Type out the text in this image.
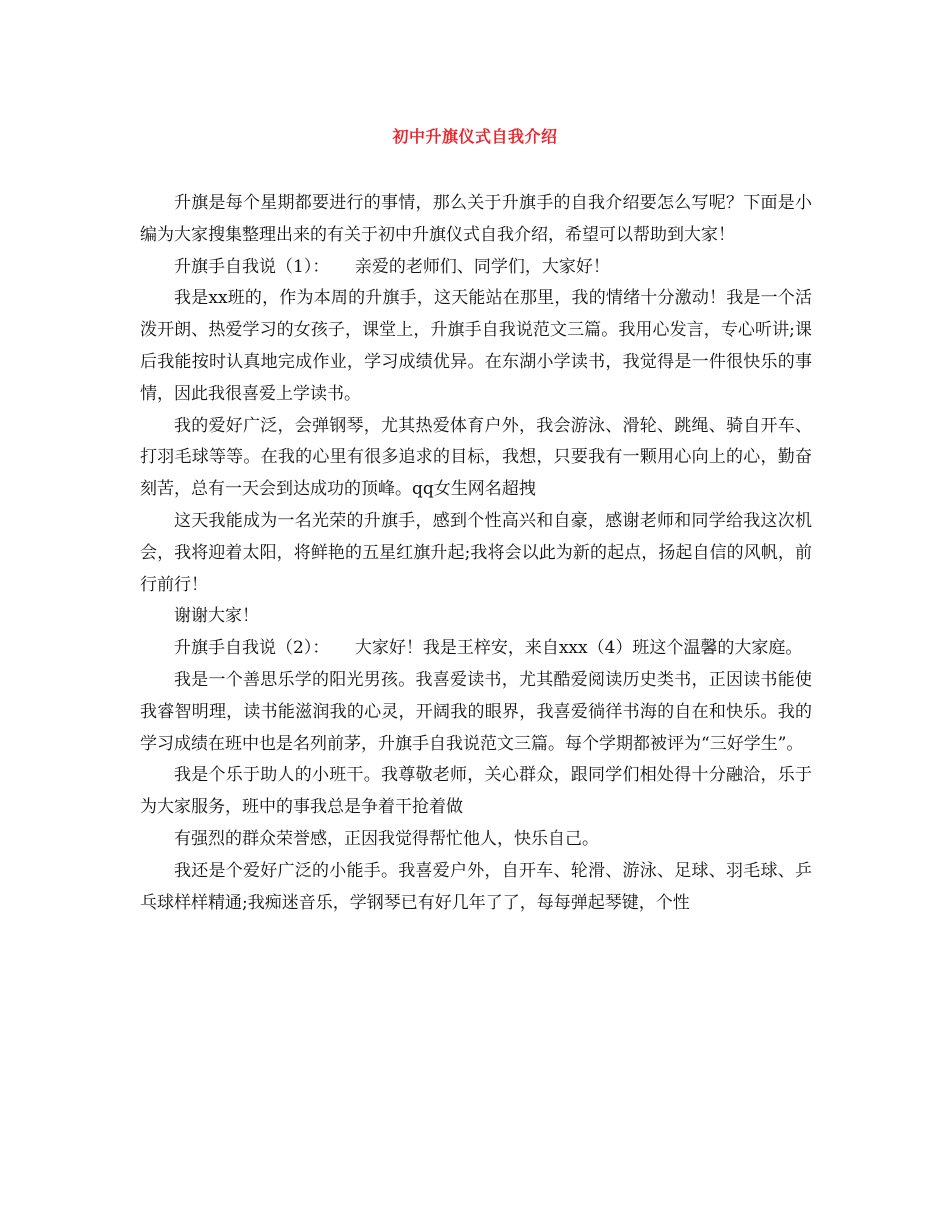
初中升旗仪式自我介绍

升旗是每个星期都要进行的事情，那么关于升旗手的自我介绍要怎么写呢？下面是小编为大家搜集整理出来的有关于初中升旗仪式自我介绍，希望可以帮助到大家！

升旗手自我说（1）：　　亲爱的老师们、同学们，大家好！

我是xx班的，作为本周的升旗手，这天能站在那里，我的情绪十分激动！我是一个活泼开朗、热爱学习的女孩子，课堂上，升旗手自我说范文三篇。我用心发言，专心听讲;课后我能按时认真地完成作业，学习成绩优异。在东湖小学读书，我觉得是一件很快乐的事情，因此我很喜爱上学读书。

我的爱好广泛，会弹钢琴，尤其热爱体育户外，我会游泳、滑轮、跳绳、骑自开车、打羽毛球等等。在我的心里有很多追求的目标，我想，只要我有一颗用心向上的心，勤奋刻苦，总有一天会到达成功的顶峰。qq女生网名超拽

这天我能成为一名光荣的升旗手，感到个性高兴和自豪，感谢老师和同学给我这次机会，我将迎着太阳，将鲜艳的五星红旗升起;我将会以此为新的起点，扬起自信的风帆，前行前行！

谢谢大家！

升旗手自我说（2）：　　大家好！我是王梓安，来自xxx（4）班这个温馨的大家庭。

我是一个善思乐学的阳光男孩。我喜爱读书，尤其酷爱阅读历史类书，正因读书能使我睿智明理，读书能滋润我的心灵，开阔我的眼界，我喜爱徜徉书海的自在和快乐。我的学习成绩在班中也是名列前茅，升旗手自我说范文三篇。每个学期都被评为“三好学生”。

我是个乐于助人的小班干。我尊敬老师，关心群众，跟同学们相处得十分融洽，乐于为大家服务，班中的事我总是争着干抢着做

有强烈的群众荣誉感，正因我觉得帮忙他人，快乐自己。

我还是个爱好广泛的小能手。我喜爱户外，自开车、轮滑、游泳、足球、羽毛球、乒乓球样样精通;我痴迷音乐，学钢琴已有好几年了了，每每弹起琴键，个性
